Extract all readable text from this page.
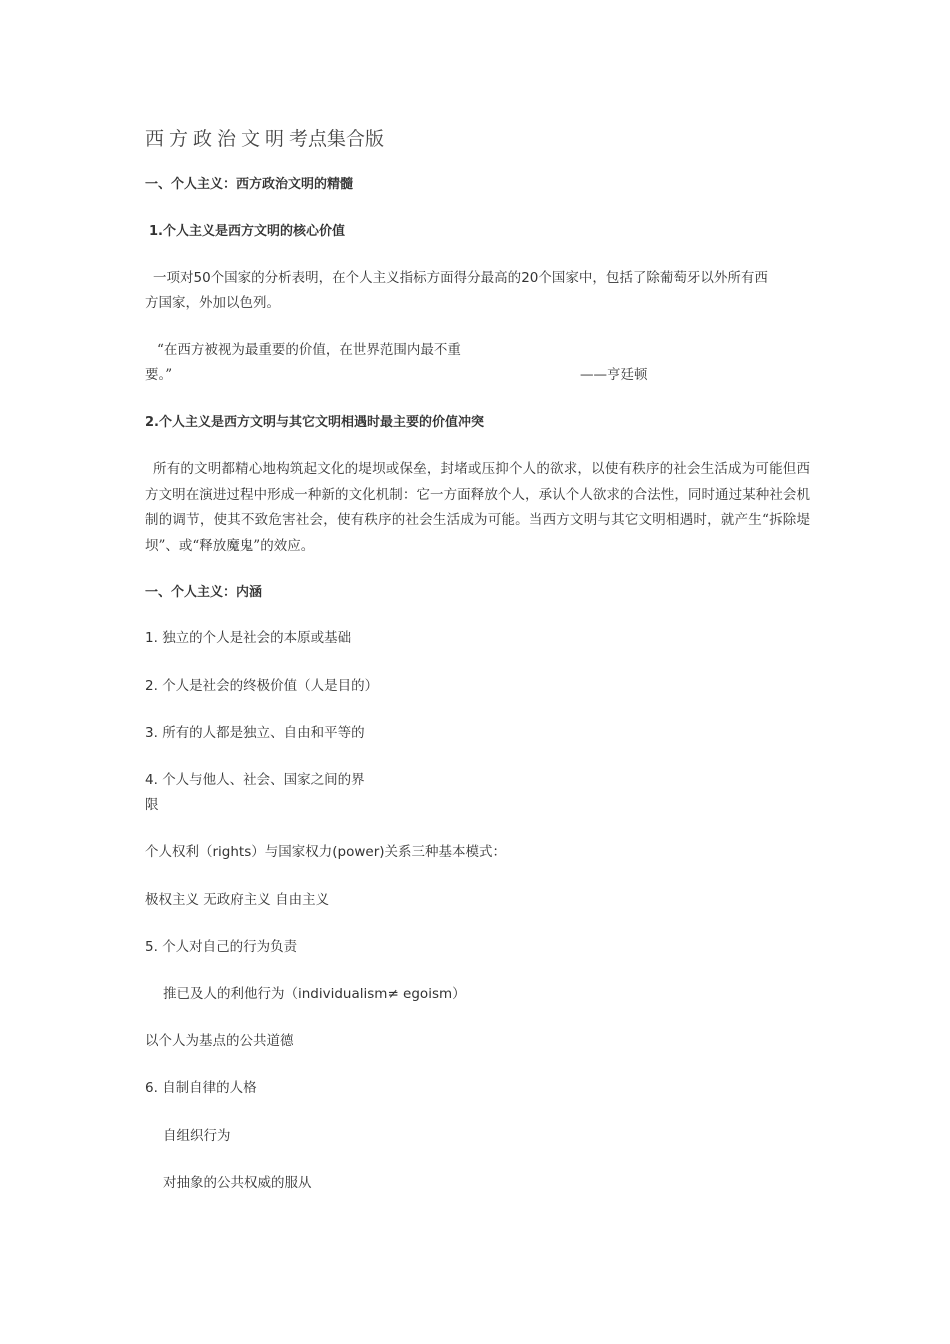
西方政治文明考点集合版
一、个人主义：西方政治文明的精髓
1.个人主义是西方文明的核心价值
一项对50个国家的分析表明，在个人主义指标方面得分最高的20个国家中，包括了除葡萄牙以外所有西
方国家，外加以色列。
“在西方被视为最重要的价值，在世界范围内最不重
要。”	——亨廷顿
2.个人主义是西方文明与其它文明相遇时最主要的价值冲突
所有的文明都精心地构筑起文化的堤坝或保垒，封堵或压抑个人的欲求，以使有秩序的社会生活成为可能但西方文明在演进过程中形成一种新的文化机制：它一方面释放个人，承认个人欲求的合法性，同时通过某种社会机制的调节，使其不致危害社会，使有秩序的社会生活成为可能。当西方文明与其它文明相遇时，就产生“拆除堤坝”、或“释放魔鬼”的效应。
一、个人主义：内涵
1. 独立的个人是社会的本原或基础
2. 个人是社会的终极价值（人是目的）
3. 所有的人都是独立、自由和平等的
4. 个人与他人、社会、国家之间的界
限
个人权利（rights）与国家权力(power)关系三种基本模式：
极权主义 无政府主义 自由主义
5. 个人对自己的行为负责
推已及人的利他行为（individualism≠ egoism）
以个人为基点的公共道德
6. 自制自律的人格
自组织行为
对抽象的公共权威的服从
